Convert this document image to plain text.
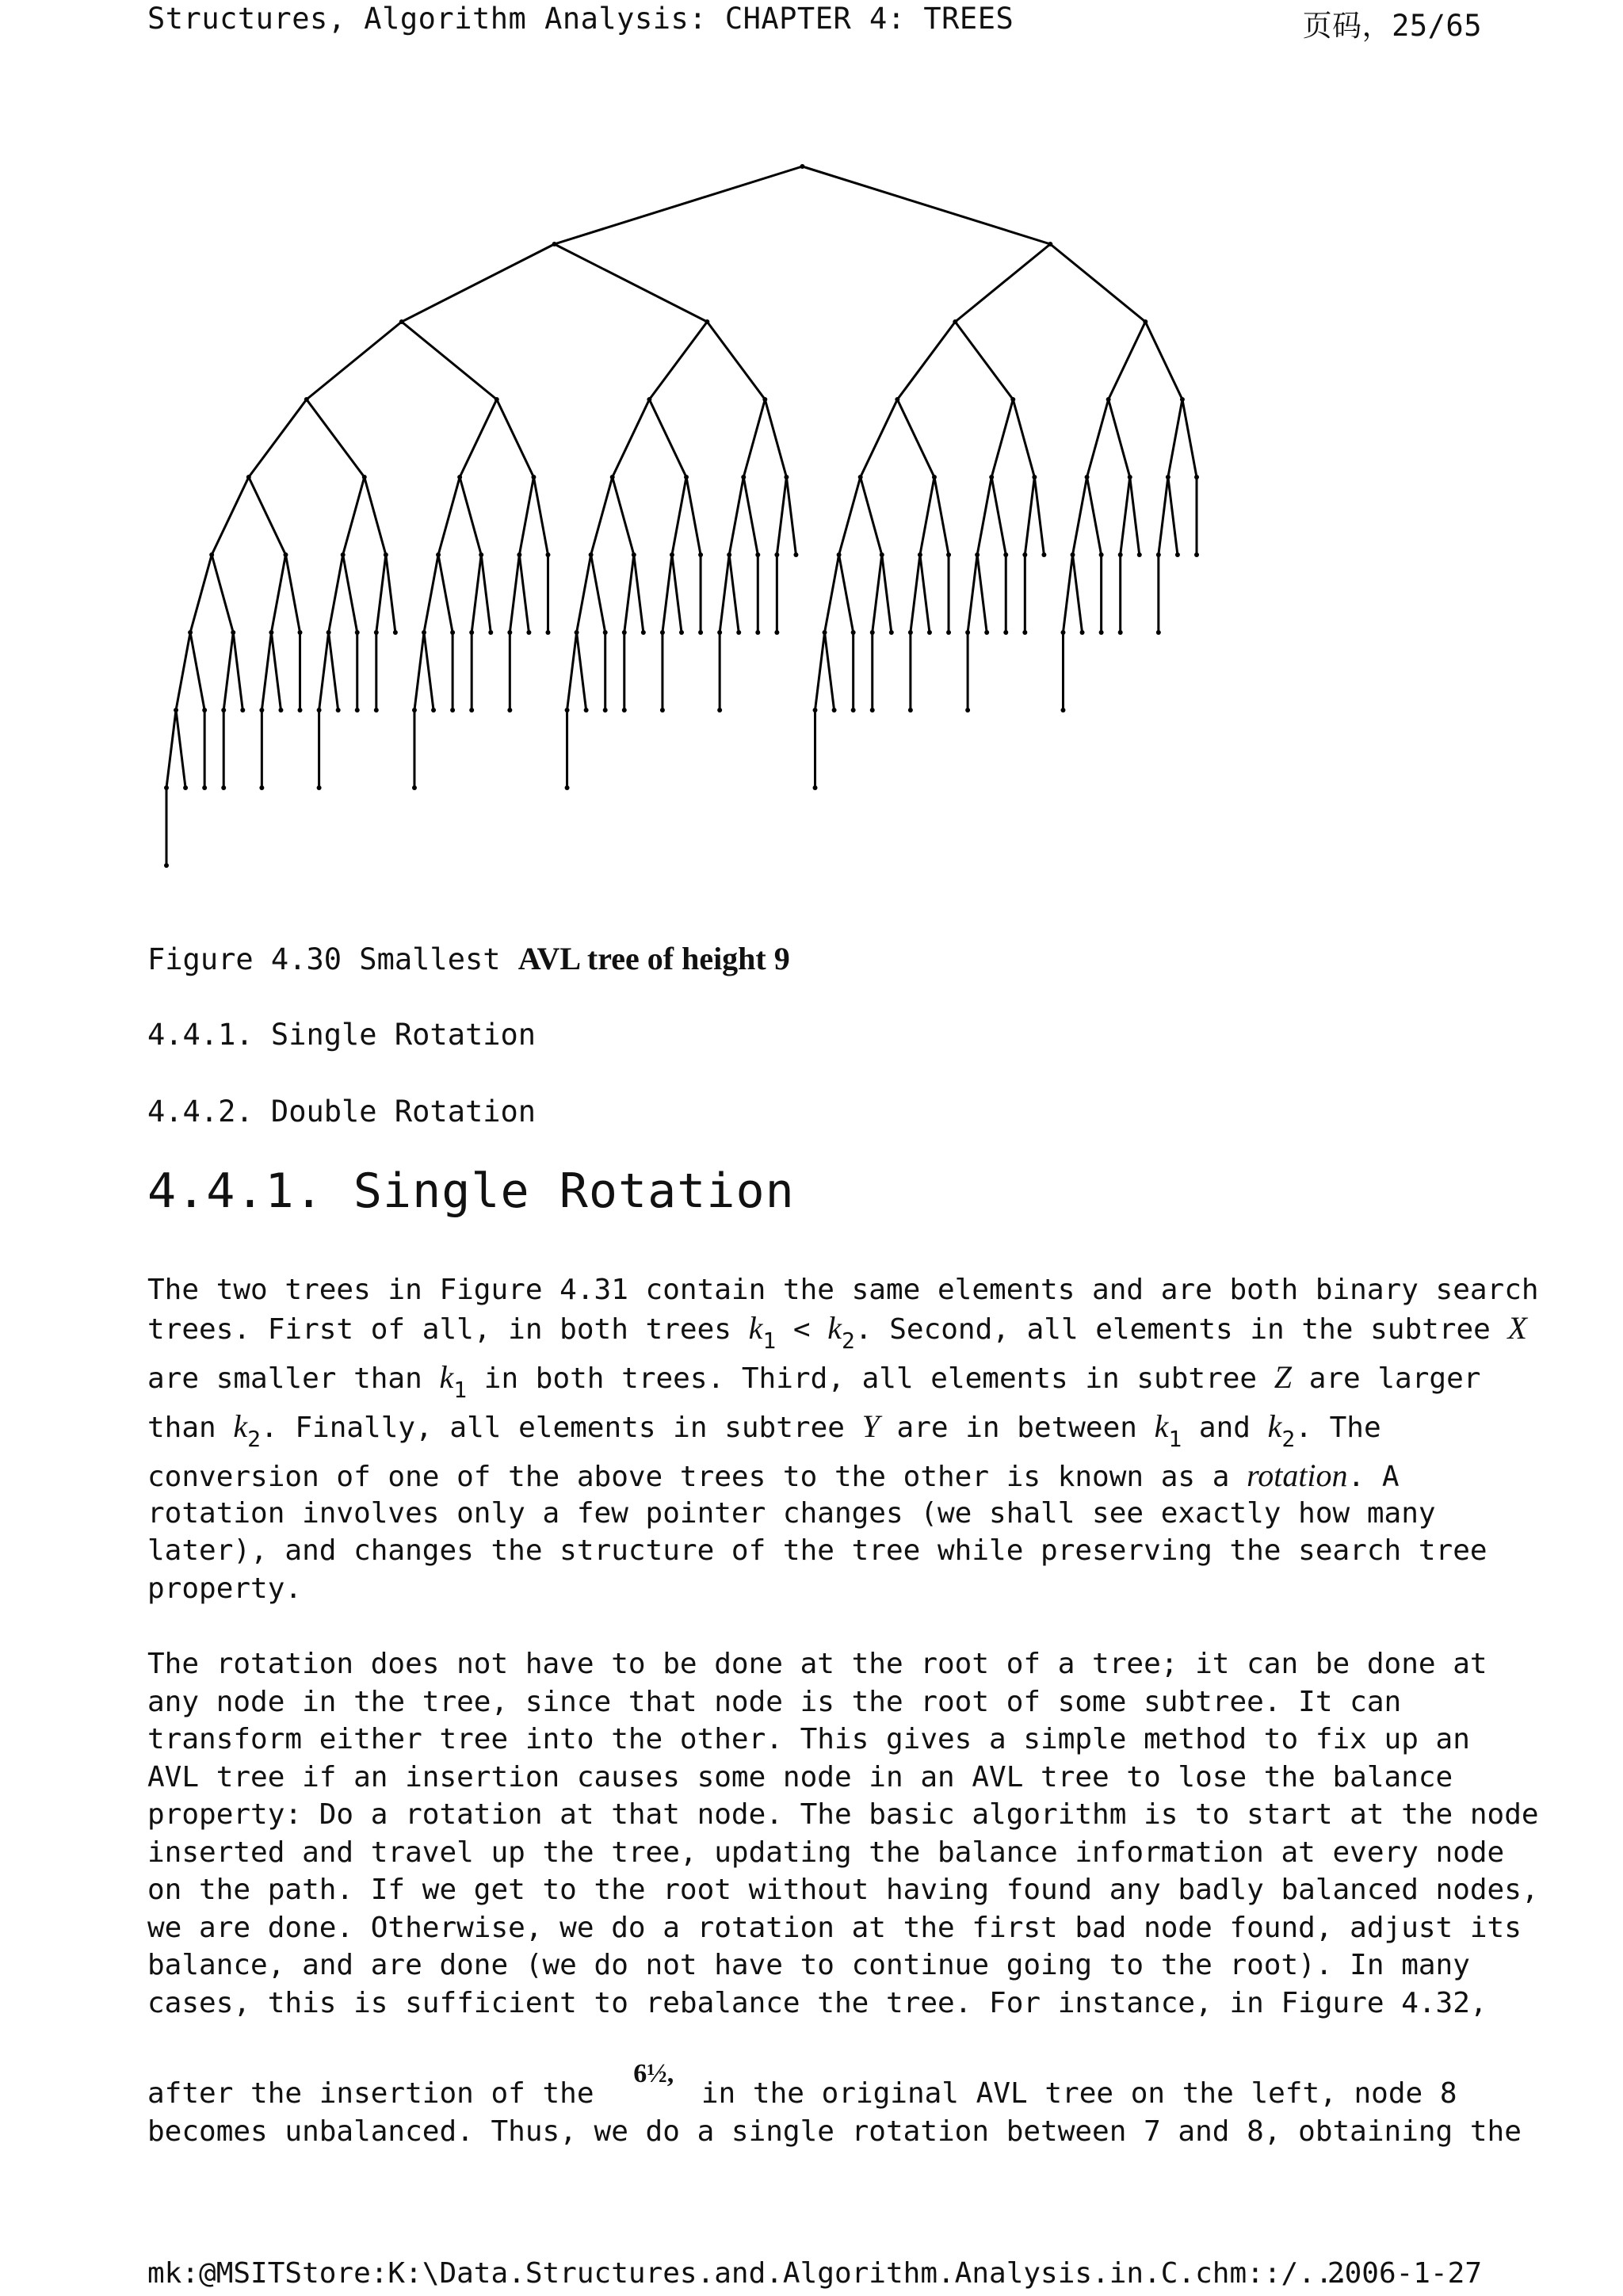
Structures, Algorithm Analysis: CHAPTER 4: TREES	页码，25/65
Figure 4.30 Smallest AVL tree of height 9
4.4.1. Single Rotation
4.4.2. Double Rotation
4.4.1. Single Rotation
The two trees in Figure 4.31 contain the same elements and are both binary search
trees. First of all, in both trees $k_1 < k_2$. Second, all elements in the subtree X
are smaller than $k_1$ in both trees. Third, all elements in subtree Z are larger
than $k_2$. Finally, all elements in subtree Y are in between $k_1$ and $k_2$. The
conversion of one of the above trees to the other is known as a rotation. A
rotation involves only a few pointer changes (we shall see exactly how many
later), and changes the structure of the tree while preserving the search tree
property.
The rotation does not have to be done at the root of a tree; it can be done at
any node in the tree, since that node is the root of some subtree. It can
transform either tree into the other. This gives a simple method to fix up an
AVL tree if an insertion causes some node in an AVL tree to lose the balance
property: Do a rotation at that node. The basic algorithm is to start at the node
inserted and travel up the tree, updating the balance information at every node
on the path. If we get to the root without having found any badly balanced nodes,
we are done. Otherwise, we do a rotation at the first bad node found, adjust its
balance, and are done (we do not have to continue going to the root). In many
cases, this is sufficient to rebalance the tree. For instance, in Figure 4.32,
after the insertion of the
6½,
in the original AVL tree on the left, node 8
becomes unbalanced. Thus, we do a single rotation between 7 and 8, obtaining the
mk:@MSITStore:K:\Data.Structures.and.Algorithm.Analysis.in.C.chm::/...
2006-1-27
